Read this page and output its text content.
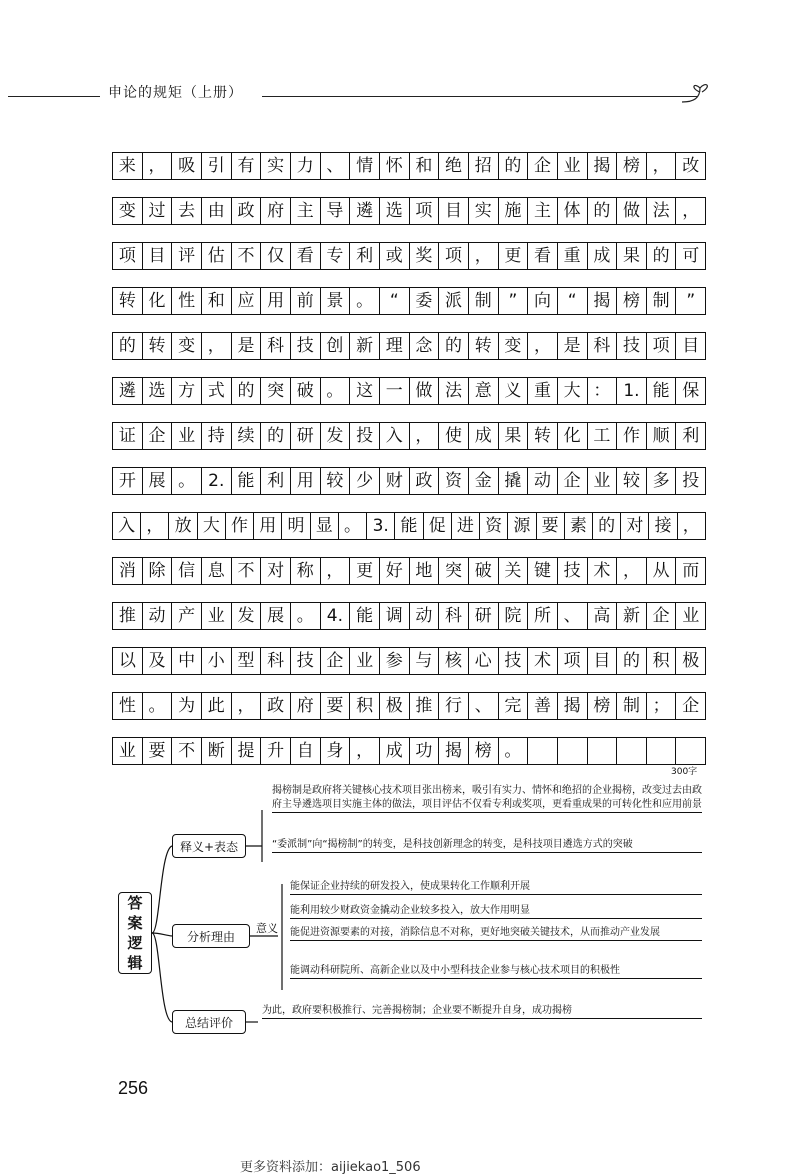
申论的规矩（上册）
来 ， 吸 引 有 实 力 、 情 怀 和 绝 招 的 企 业 揭 榜 ， 改
变 过 去 由 政 府 主 导 遴 选 项 目 实 施 主 体 的 做 法 ，
项 目 评 估 不 仅 看 专 利 或 奖 项 ， 更 看 重 成 果 的 可
转 化 性 和 应 用 前 景 。 “ 委 派 制 ” 向 “ 揭 榜 制 ”
的 转 变 ， 是 科 技 创 新 理 念 的 转 变 ， 是 科 技 项 目
遴 选 方 式 的 突 破 。 这 一 做 法 意 义 重 大 ： 1. 能 保
证 企 业 持 续 的 研 发 投 入 ， 使 成 果 转 化 工 作 顺 利
开 展 。 2. 能 利 用 较 少 财 政 资 金 撬 动 企 业 较 多 投
入 ， 放 大 作 用 明 显 。 3. 能 促 进 资 源 要 素 的 对 接 ，
消 除 信 息 不 对 称 ， 更 好 地 突 破 关 键 技 术 ， 从 而
推 动 产 业 发 展 。 4. 能 调 动 科 研 院 所 、 高 新 企 业
以 及 中 小 型 科 技 企 业 参 与 核 心 技 术 项 目 的 积 极
性 。 为 此 ， 政 府 要 积 极 推 行 、 完 善 揭 榜 制 ； 企
业 要 不 断 提 升 自 身 ， 成 功 揭 榜 。
300字
答
案
逻
辑
释义+表态
揭榜制是政府将关键核心技术项目张出榜来，吸引有实力、情怀和绝招的企业揭榜，改变过去由政府主导遴选项目实施主体的做法，项目评估不仅看专利或奖项，更看重成果的可转化性和应用前景
“委派制”向“揭榜制”的转变，是科技创新理念的转变，是科技项目遴选方式的突破
分析理由
意义
能保证企业持续的研发投入，使成果转化工作顺利开展
能利用较少财政资金撬动企业较多投入，放大作用明显
能促进资源要素的对接，消除信息不对称，更好地突破关键技术，从而推动产业发展
能调动科研院所、高新企业以及中小型科技企业参与核心技术项目的积极性
总结评价
为此，政府要积极推行、完善揭榜制；企业要不断提升自身，成功揭榜
256
更多资料添加：aijiekao1_506
